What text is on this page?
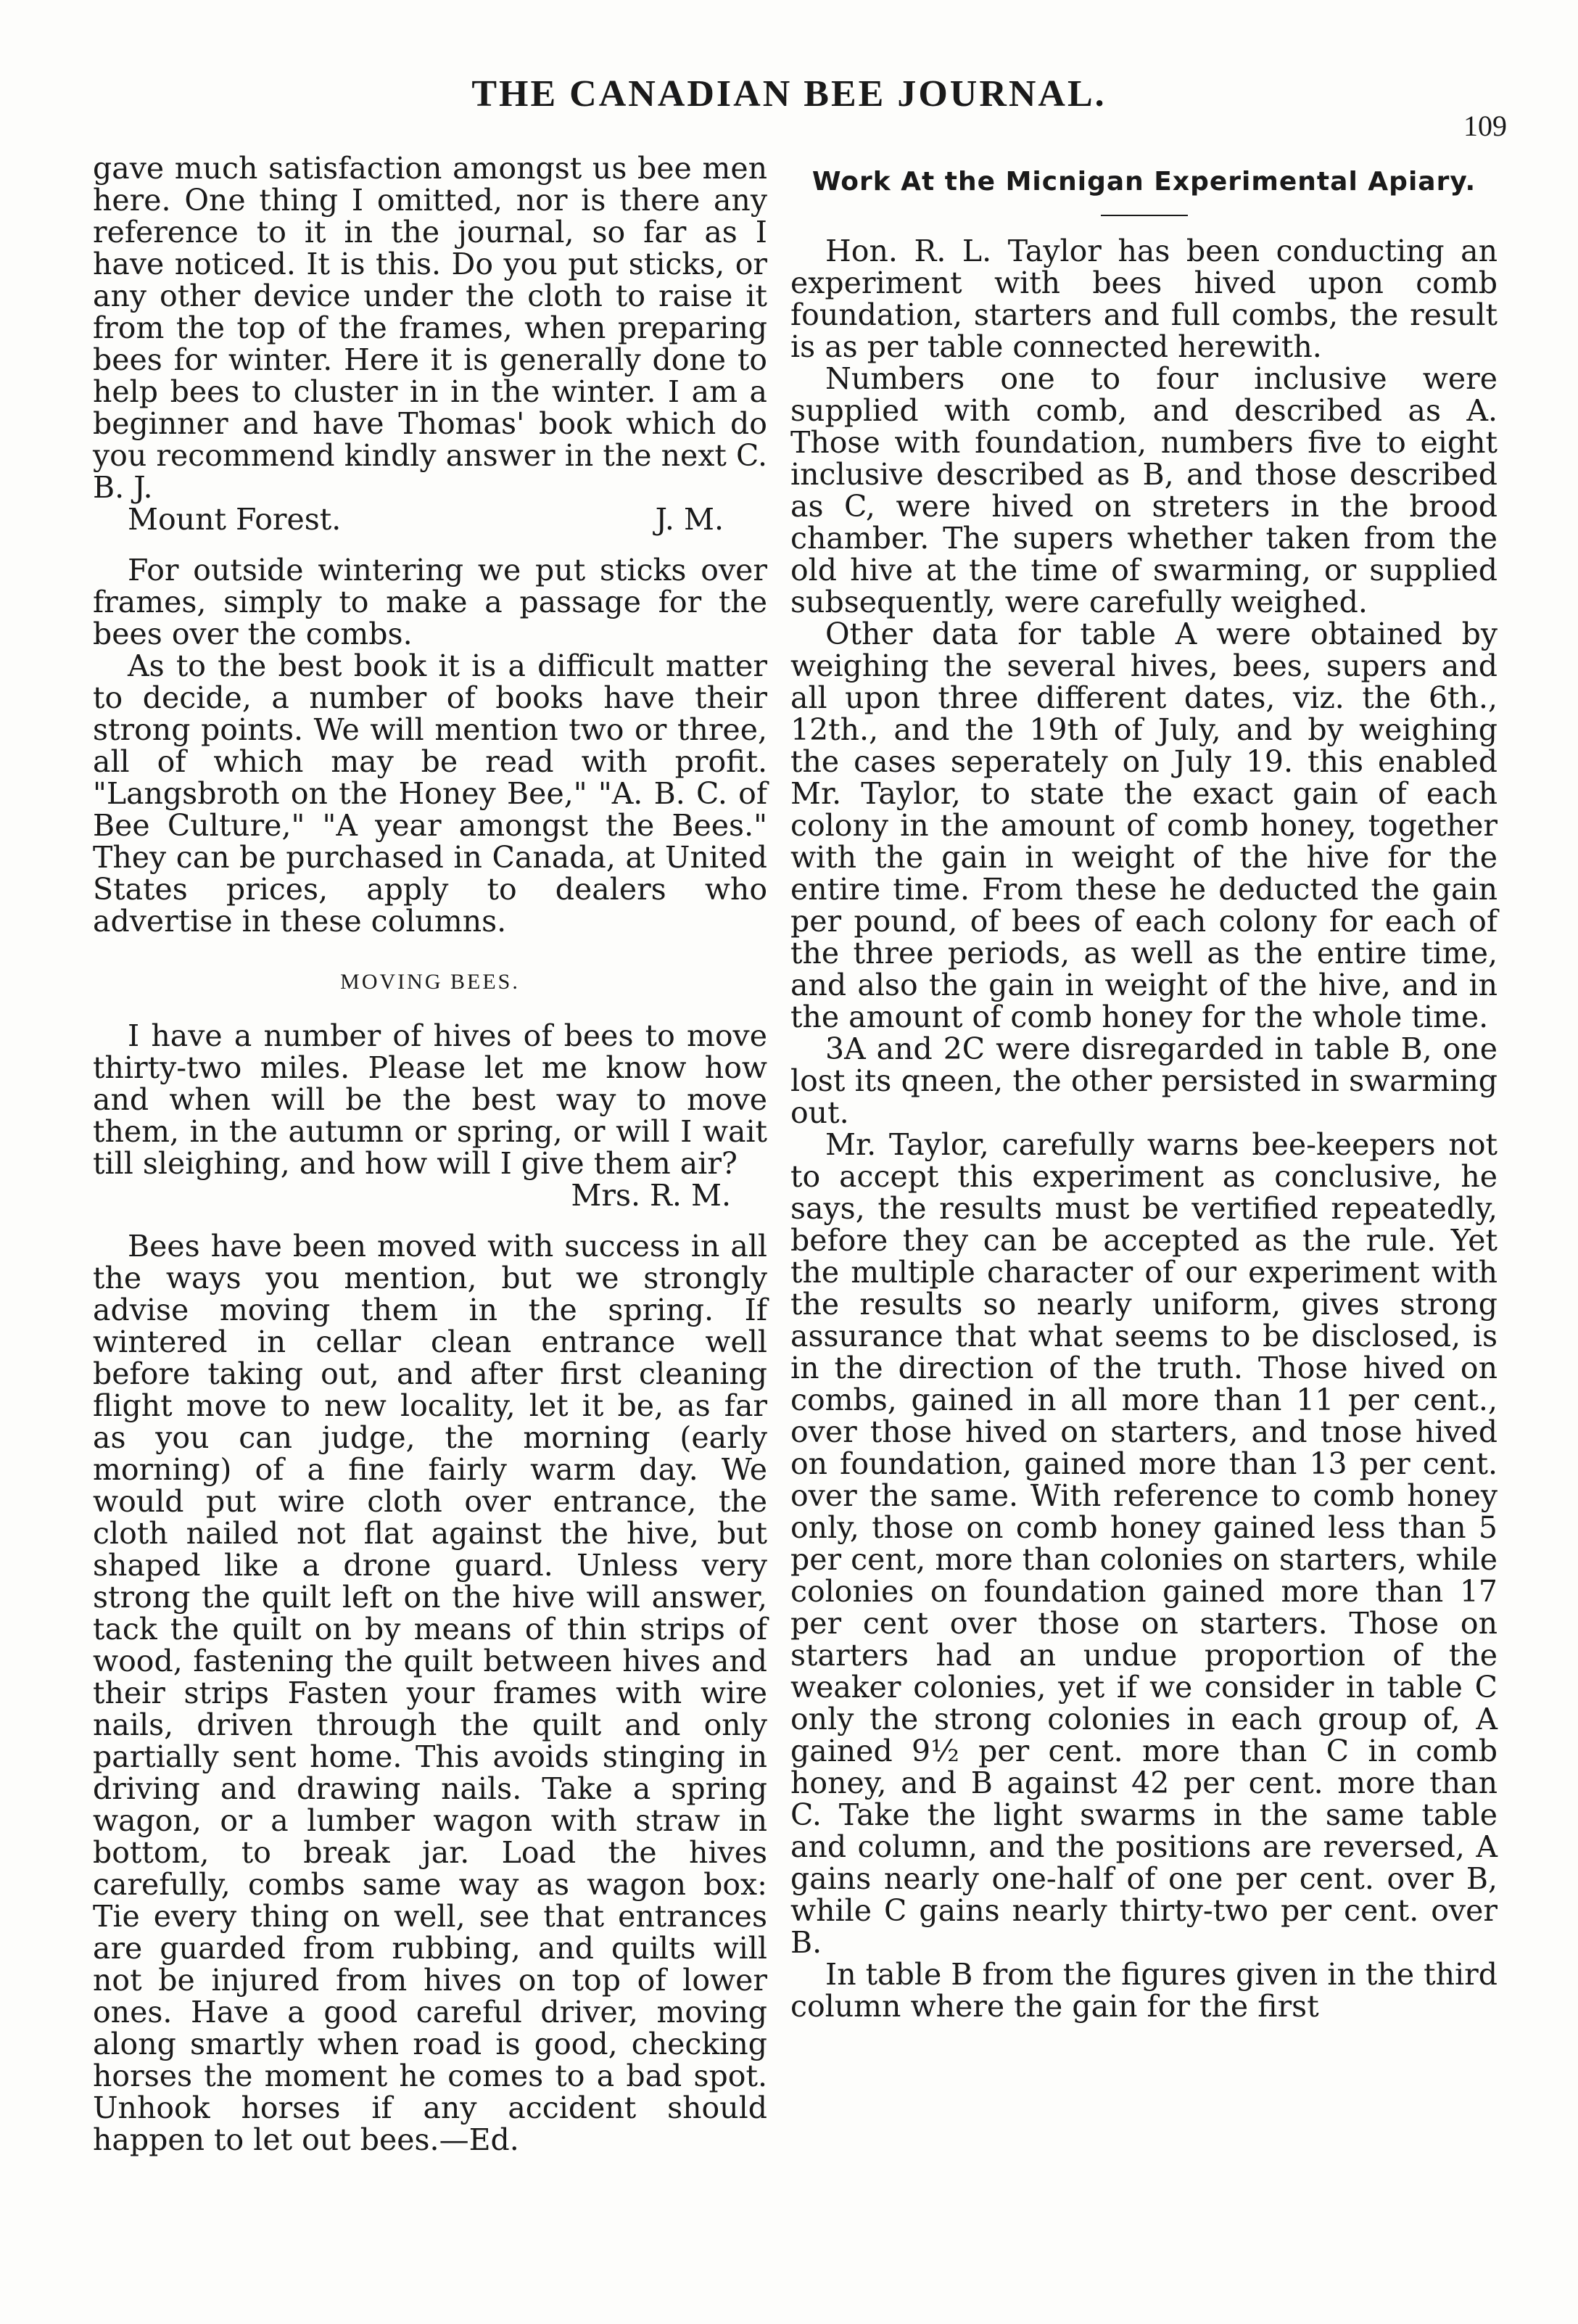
THE CANADIAN BEE JOURNAL.
109

gave much satisfaction amongst us bee men here. One thing I omitted, nor is there any reference to it in the journal, so far as I have noticed. It is this. Do you put sticks, or any other device under the cloth to raise it from the top of the frames, when preparing bees for winter. Here it is generally done to help bees to cluster in in the winter. I am a beginner and have Thomas' book which do you recommend kindly answer in the next C. B. J.

Mount Forest.	J. M.

For outside wintering we put sticks over frames, simply to make a passage for the bees over the combs.

As to the best book it is a difficult matter to decide, a number of books have their strong points. We will mention two or three, all of which may be read with profit. "Langsbroth on the Honey Bee," "A. B. C. of Bee Culture," "A year amongst the Bees." They can be purchased in Canada, at United States prices, apply to dealers who advertise in these columns.

MOVING BEES.

I have a number of hives of bees to move thirty-two miles. Please let me know how and when will be the best way to move them, in the autumn or spring, or will I wait till sleighing, and how will I give them air?

Mrs. R. M.

Bees have been moved with success in all the ways you mention, but we strongly advise moving them in the spring. If wintered in cellar clean entrance well before taking out, and after first cleaning flight move to new locality, let it be, as far as you can judge, the morning (early morning) of a fine fairly warm day. We would put wire cloth over entrance, the cloth nailed not flat against the hive, but shaped like a drone guard. Unless very strong the quilt left on the hive will answer, tack the quilt on by means of thin strips of wood, fastening the quilt between hives and their strips Fasten your frames with wire nails, driven through the quilt and only partially sent home. This avoids stinging in driving and drawing nails. Take a spring wagon, or a lumber wagon with straw in bottom, to break jar. Load the hives carefully, combs same way as wagon box: Tie every thing on well, see that entrances are guarded from rubbing, and quilts will not be injured from hives on top of lower ones. Have a good careful driver, moving along smartly when road is good, checking horses the moment he comes to a bad spot. Unhook horses if any accident should happen to let out bees.—Ed.

Work At the Micnigan Experimental Apiary.

Hon. R. L. Taylor has been conducting an experiment with bees hived upon comb foundation, starters and full combs, the result is as per table connected herewith.

Numbers one to four inclusive were supplied with comb, and described as A. Those with foundation, numbers five to eight inclusive described as B, and those described as C, were hived on streters in the brood chamber. The supers whether taken from the old hive at the time of swarming, or supplied subsequently, were carefully weighed.

Other data for table A were obtained by weighing the several hives, bees, supers and all upon three different dates, viz. the 6th., 12th., and the 19th of July, and by weighing the cases seperately on July 19. this enabled Mr. Taylor, to state the exact gain of each colony in the amount of comb honey, together with the gain in weight of the hive for the entire time. From these he deducted the gain per pound, of bees of each colony for each of the three periods, as well as the entire time, and also the gain in weight of the hive, and in the amount of comb honey for the whole time.

3A and 2C were disregarded in table B, one lost its qneen, the other persisted in swarming out.

Mr. Taylor, carefully warns bee-keepers not to accept this experiment as conclusive, he says, the results must be vertified repeatedly, before they can be accepted as the rule. Yet the multiple character of our experiment with the results so nearly uniform, gives strong assurance that what seems to be disclosed, is in the direction of the truth. Those hived on combs, gained in all more than 11 per cent., over those hived on starters, and tnose hived on foundation, gained more than 13 per cent. over the same. With reference to comb honey only, those on comb honey gained less than 5 per cent, more than colonies on starters, while colonies on foundation gained more than 17 per cent over those on starters. Those on starters had an undue proportion of the weaker colonies, yet if we consider in table C only the strong colonies in each group of, A gained 9½ per cent. more than C in comb honey, and B against 42 per cent. more than C. Take the light swarms in the same table and column, and the positions are reversed, A gains nearly one-half of one per cent. over B, while C gains nearly thirty-two per cent. over B.

In table B from the figures given in the third column where the gain for the first
